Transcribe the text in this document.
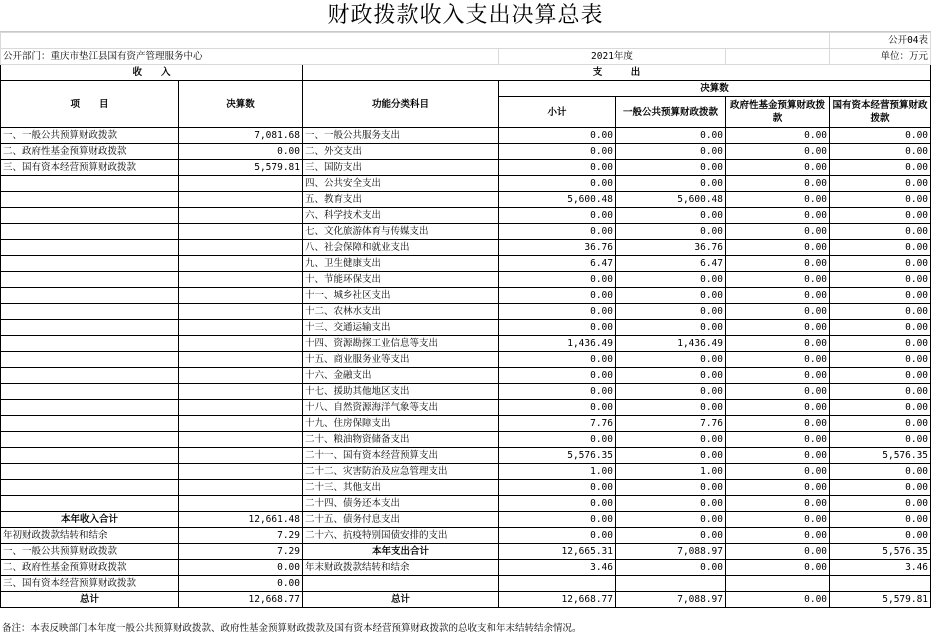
财政拨款收入支出决算总表
						公开04表
公开部门：重庆市垫江县国有资产管理服务中心			2021年度			单位：万元
收　　入		支　　　出				
项　　目	决算数	功能分类科目	决算数			
			小计	一般公共预算财政拨款	政府性基金预算财政拨款	国有资本经营预算财政拨款
一、一般公共预算财政拨款	7,081.68	一、一般公共服务支出	0.00	0.00	0.00	0.00
二、政府性基金预算财政拨款	0.00	二、外交支出	0.00	0.00	0.00	0.00
三、国有资本经营预算财政拨款	5,579.81	三、国防支出	0.00	0.00	0.00	0.00
		四、公共安全支出	0.00	0.00	0.00	0.00
		五、教育支出	5,600.48	5,600.48	0.00	0.00
		六、科学技术支出	0.00	0.00	0.00	0.00
		七、文化旅游体育与传媒支出	0.00	0.00	0.00	0.00
		八、社会保障和就业支出	36.76	36.76	0.00	0.00
		九、卫生健康支出	6.47	6.47	0.00	0.00
		十、节能环保支出	0.00	0.00	0.00	0.00
		十一、城乡社区支出	0.00	0.00	0.00	0.00
		十二、农林水支出	0.00	0.00	0.00	0.00
		十三、交通运输支出	0.00	0.00	0.00	0.00
		十四、资源勘探工业信息等支出	1,436.49	1,436.49	0.00	0.00
		十五、商业服务业等支出	0.00	0.00	0.00	0.00
		十六、金融支出	0.00	0.00	0.00	0.00
		十七、援助其他地区支出	0.00	0.00	0.00	0.00
		十八、自然资源海洋气象等支出	0.00	0.00	0.00	0.00
		十九、住房保障支出	7.76	7.76	0.00	0.00
		二十、粮油物资储备支出	0.00	0.00	0.00	0.00
		二十一、国有资本经营预算支出	5,576.35	0.00	0.00	5,576.35
		二十二、灾害防治及应急管理支出	1.00	1.00	0.00	0.00
		二十三、其他支出	0.00	0.00	0.00	0.00
		二十四、债务还本支出	0.00	0.00	0.00	0.00
本年收入合计	12,661.48	二十五、债务付息支出	0.00	0.00	0.00	0.00
年初财政拨款结转和结余	7.29	二十六、抗疫特别国债安排的支出	0.00	0.00	0.00	0.00
一、一般公共预算财政拨款	7.29	本年支出合计	12,665.31	7,088.97	0.00	5,576.35
二、政府性基金预算财政拨款	0.00	年末财政拨款结转和结余	3.46	0.00	0.00	3.46
三、国有资本经营预算财政拨款	0.00					
总计	12,668.77	总计	12,668.77	7,088.97	0.00	5,579.81
备注：本表反映部门本年度一般公共预算财政拨款、政府性基金预算财政拨款及国有资本经营预算财政拨款的总收支和年末结转结余情况。
